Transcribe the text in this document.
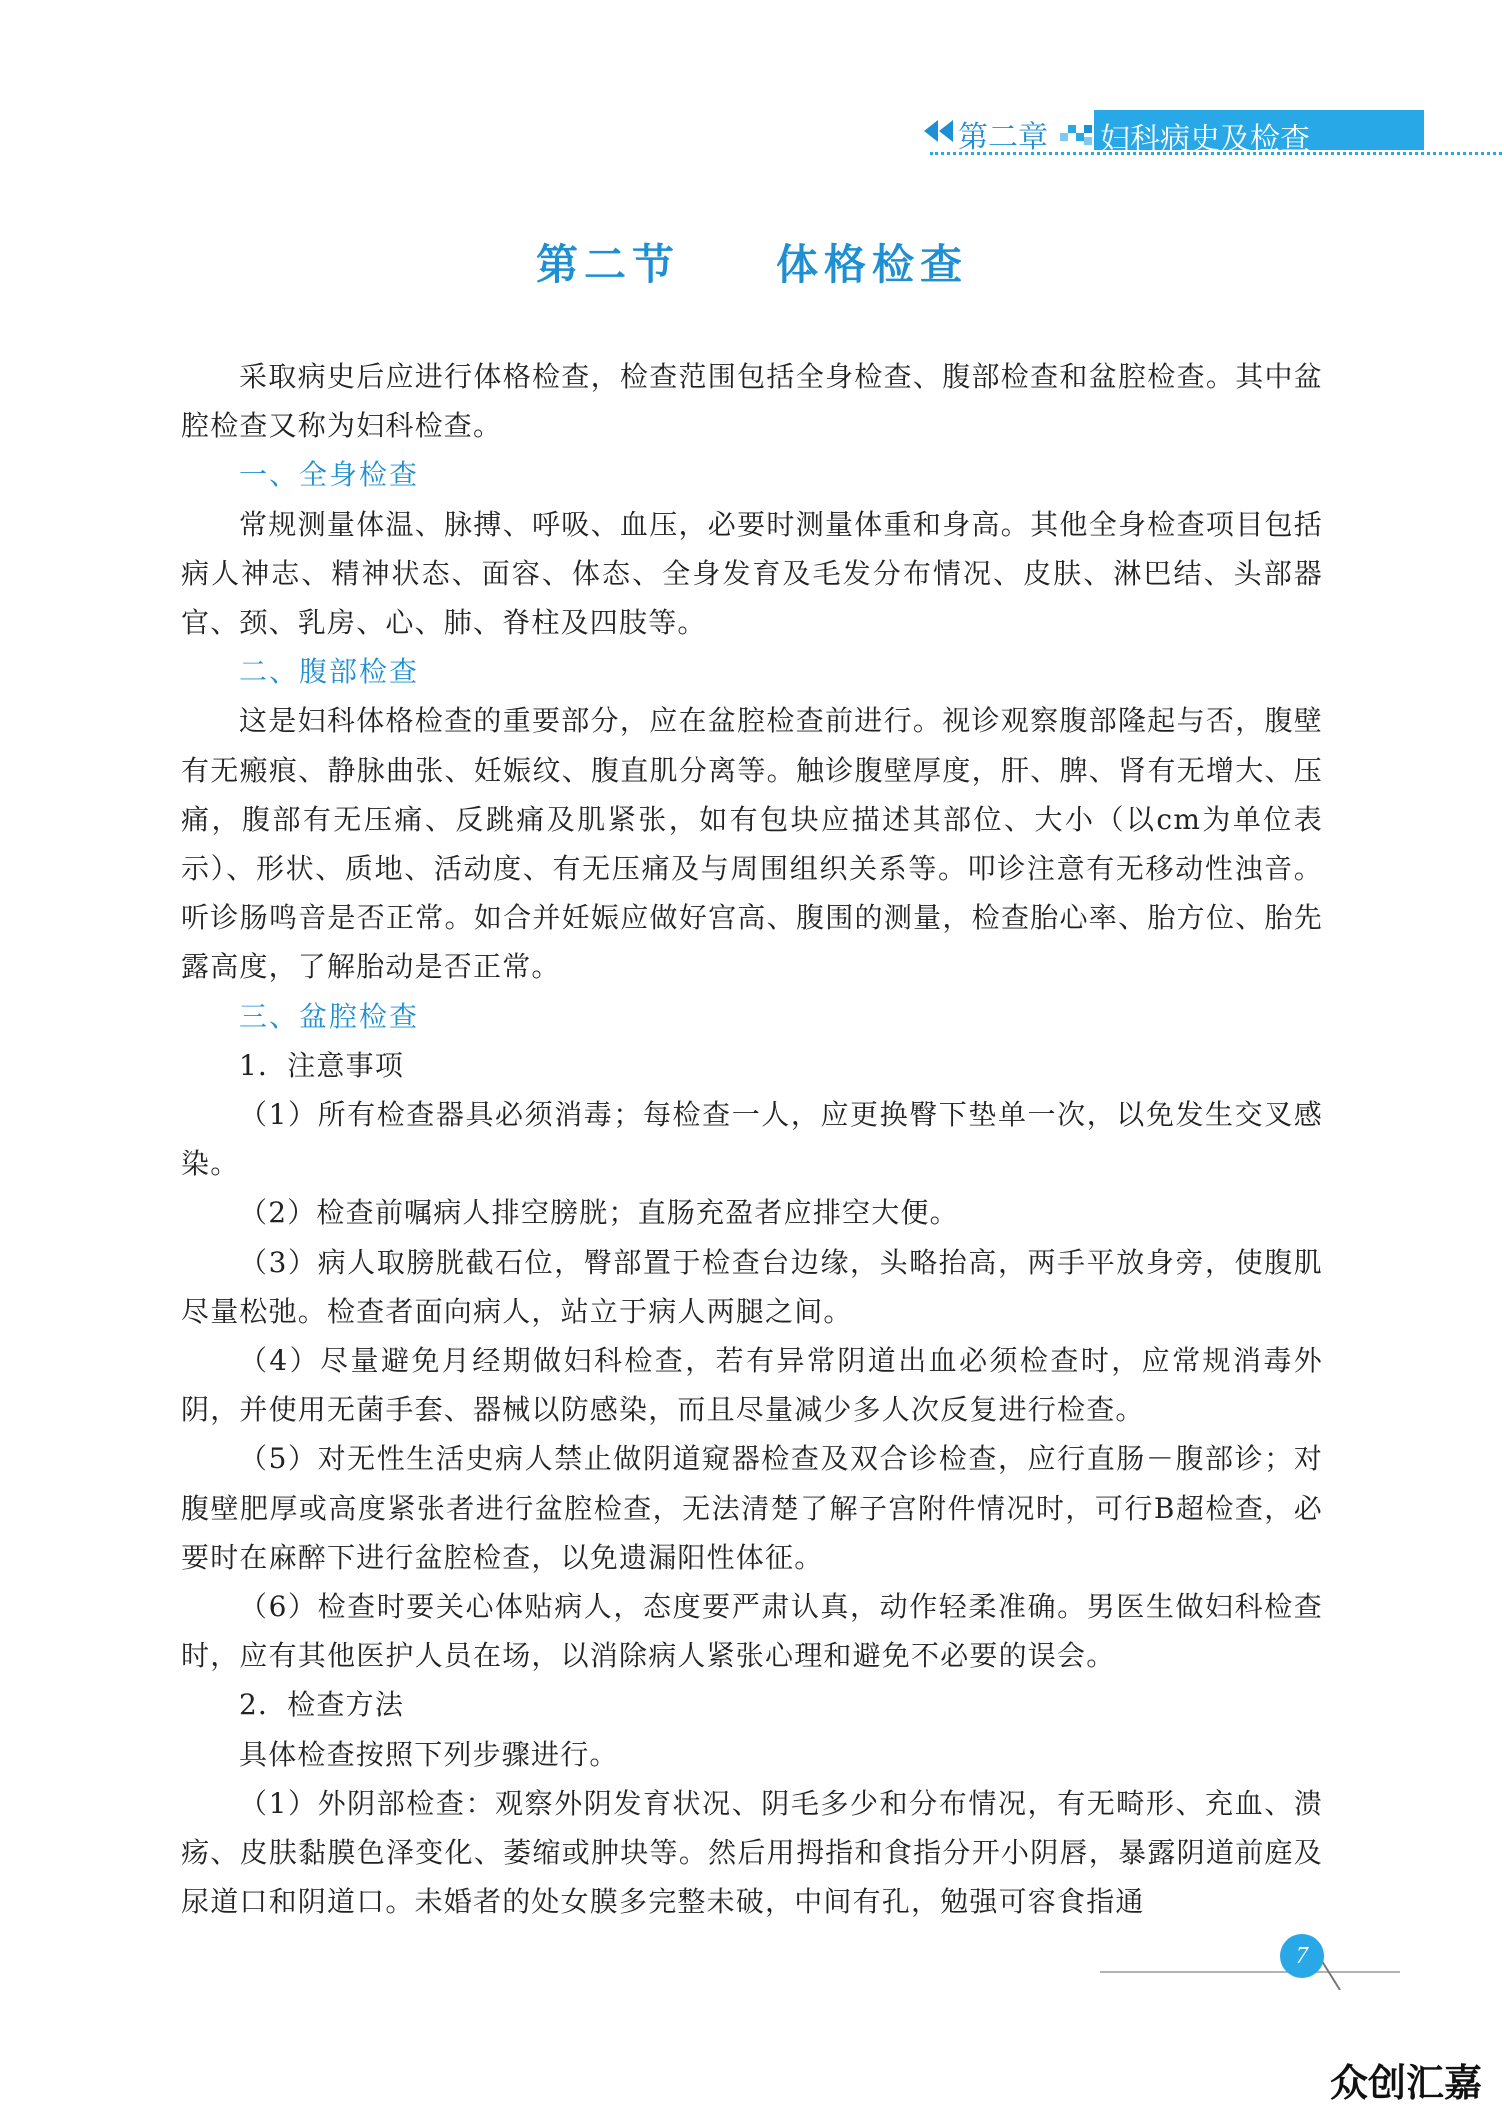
第二章 妇科病史及检查
第二节　　体格检查

采取病史后应进行体格检查，检查范围包括全身检查、腹部检查和盆腔检查。其中盆腔检查又称为妇科检查。

一、全身检查

常规测量体温、脉搏、呼吸、血压，必要时测量体重和身高。其他全身检查项目包括病人神志、精神状态、面容、体态、全身发育及毛发分布情况、皮肤、淋巴结、头部器官、颈、乳房、心、肺、脊柱及四肢等。

二、腹部检查

这是妇科体格检查的重要部分，应在盆腔检查前进行。视诊观察腹部隆起与否，腹壁有无瘢痕、静脉曲张、妊娠纹、腹直肌分离等。触诊腹壁厚度，肝、脾、肾有无增大、压痛，腹部有无压痛、反跳痛及肌紧张，如有包块应描述其部位、大小（以cm为单位表示）、形状、质地、活动度、有无压痛及与周围组织关系等。叩诊注意有无移动性浊音。听诊肠鸣音是否正常。如合并妊娠应做好宫高、腹围的测量，检查胎心率、胎方位、胎先露高度，了解胎动是否正常。

三、盆腔检查

1．注意事项

（1）所有检查器具必须消毒；每检查一人，应更换臀下垫单一次，以免发生交叉感染。

（2）检查前嘱病人排空膀胱；直肠充盈者应排空大便。

（3）病人取膀胱截石位，臀部置于检查台边缘，头略抬高，两手平放身旁，使腹肌尽量松弛。检查者面向病人，站立于病人两腿之间。

（4）尽量避免月经期做妇科检查，若有异常阴道出血必须检查时，应常规消毒外阴，并使用无菌手套、器械以防感染，而且尽量减少多人次反复进行检查。

（5）对无性生活史病人禁止做阴道窥器检查及双合诊检查，应行直肠－腹部诊；对腹壁肥厚或高度紧张者进行盆腔检查，无法清楚了解子宫附件情况时，可行B超检查，必要时在麻醉下进行盆腔检查，以免遗漏阳性体征。

（6）检查时要关心体贴病人，态度要严肃认真，动作轻柔准确。男医生做妇科检查时，应有其他医护人员在场，以消除病人紧张心理和避免不必要的误会。

2．检查方法

具体检查按照下列步骤进行。

（1）外阴部检查：观察外阴发育状况、阴毛多少和分布情况，有无畸形、充血、溃疡、皮肤黏膜色泽变化、萎缩或肿块等。然后用拇指和食指分开小阴唇，暴露阴道前庭及尿道口和阴道口。未婚者的处女膜多完整未破，中间有孔，勉强可容食指通

7
众创汇嘉
